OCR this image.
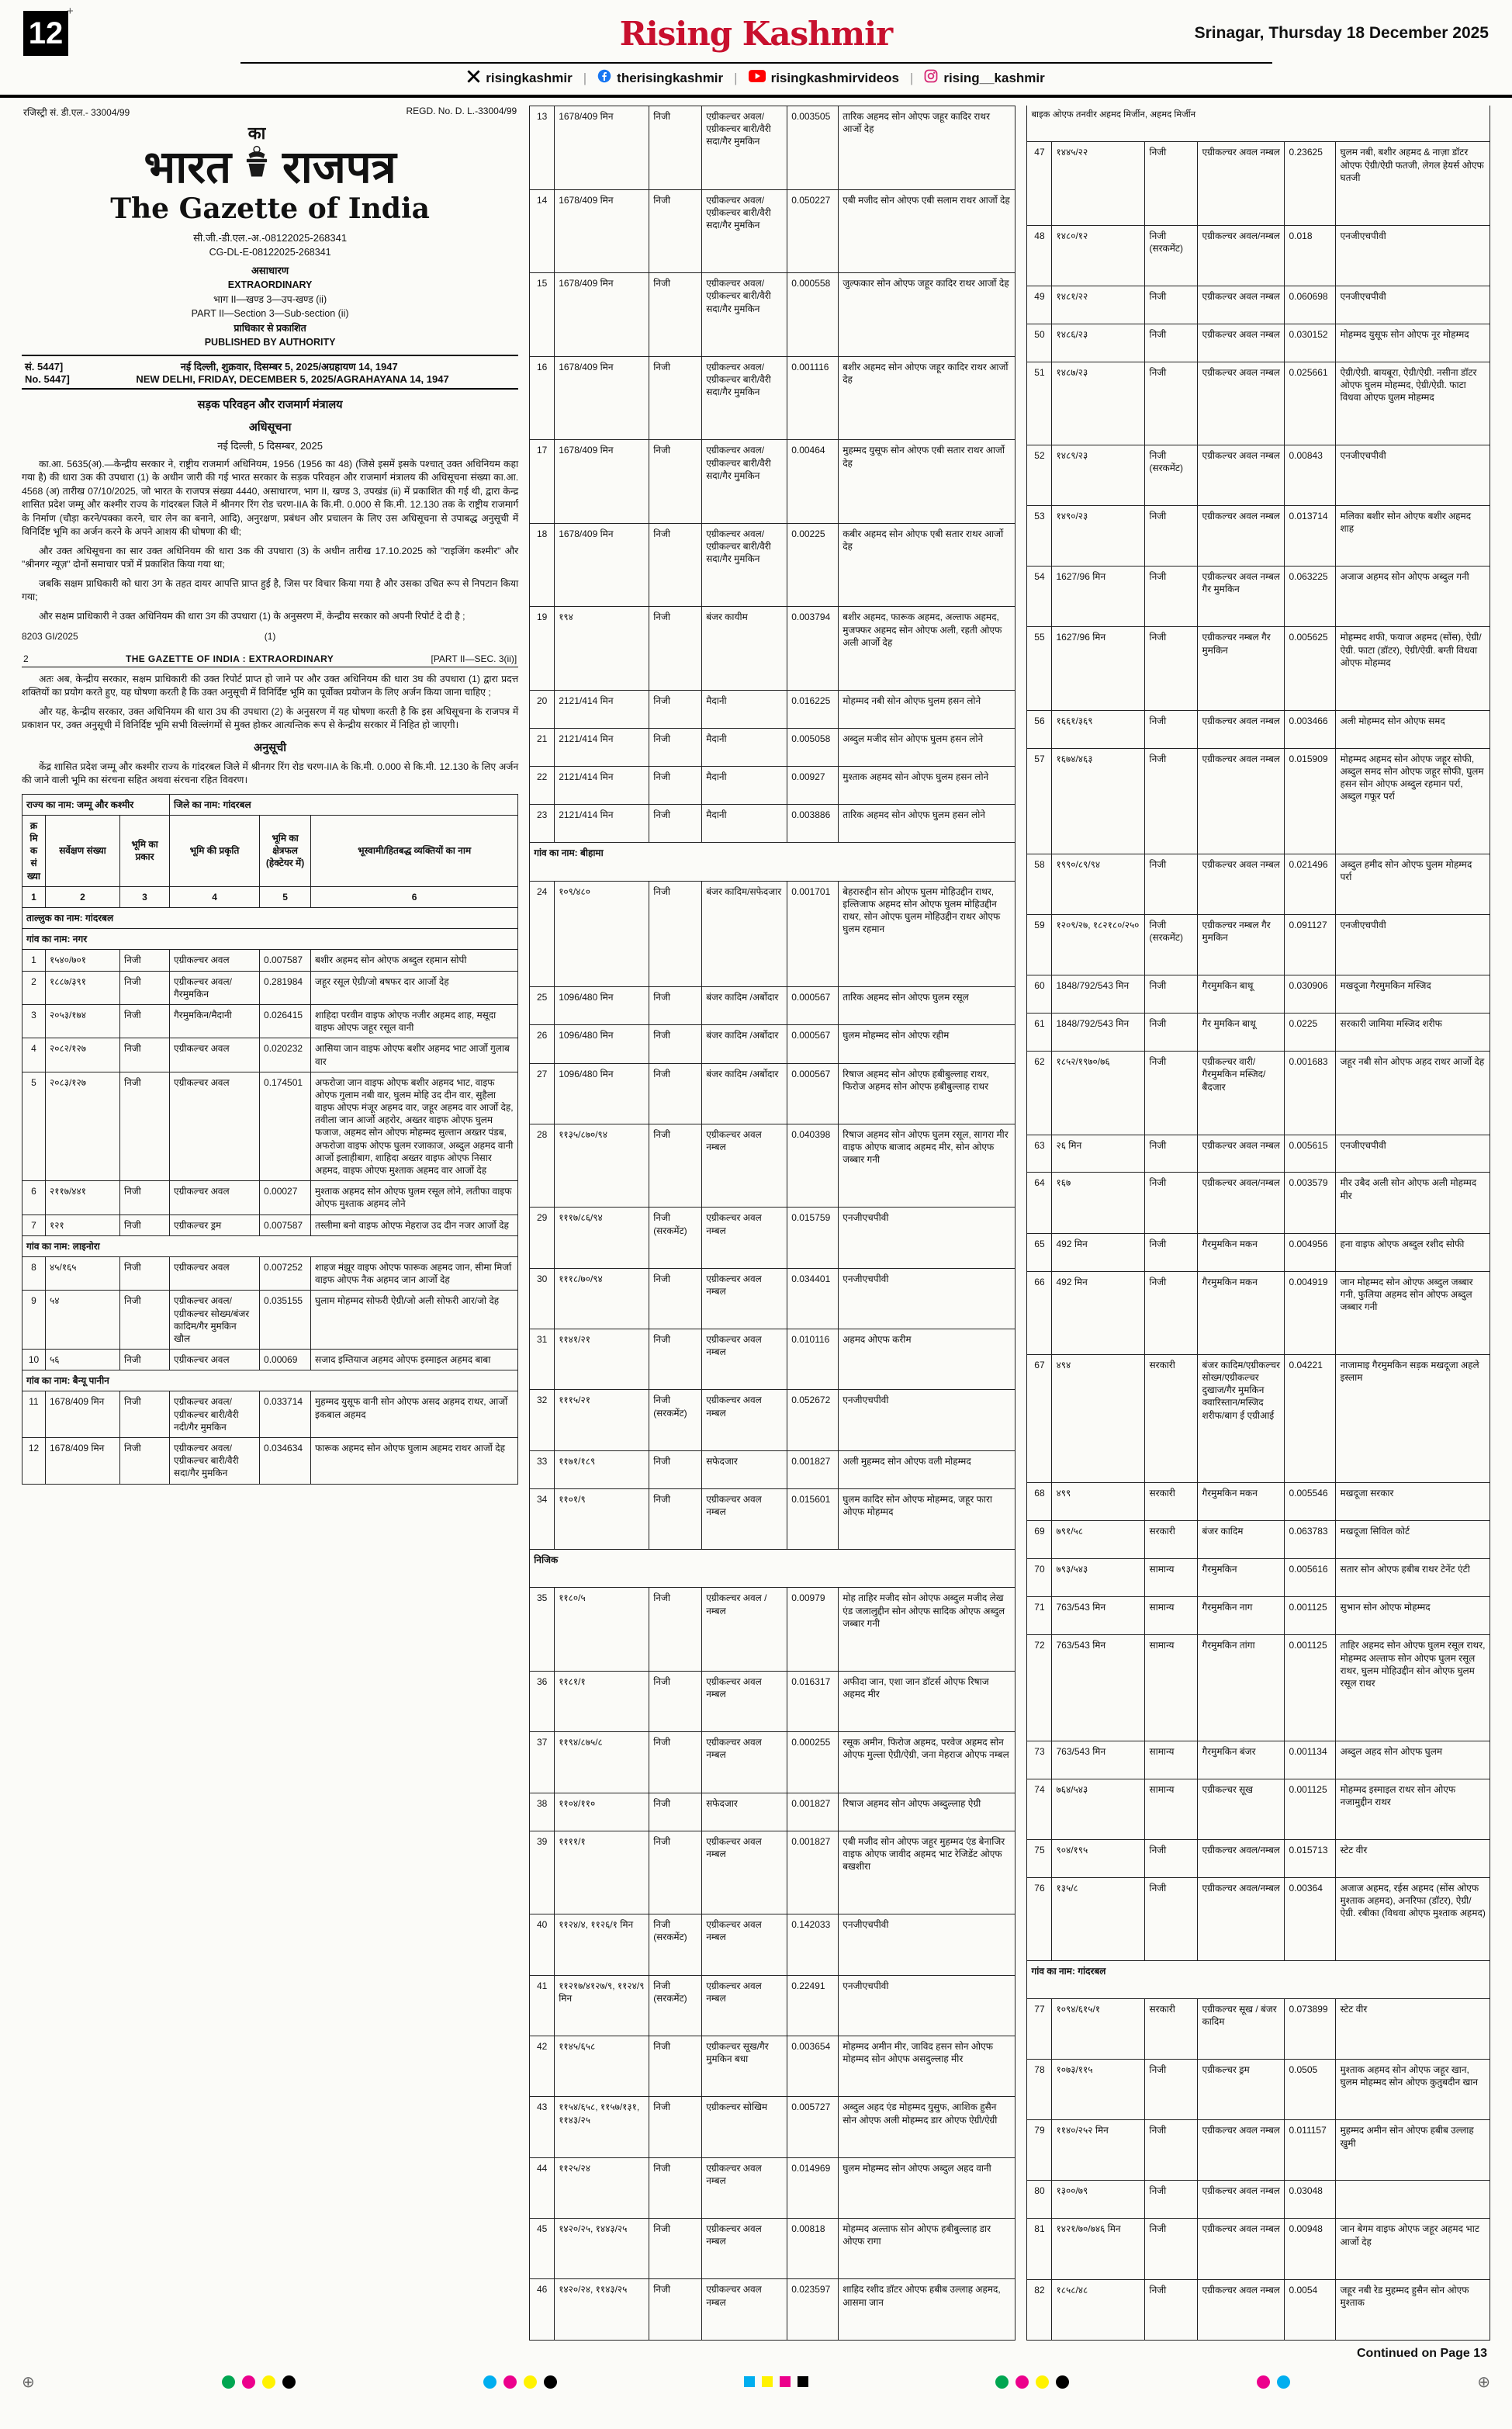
+
12	Rising Kashmir	Srinagar, Thursday 18 December 2025
risingkashmir | therisingkashmir |	risingkashmirvideos | rising__kashmir
रजिस्ट्री सं. डी.एल.- 33004/99	REGD. No. D. L.-33004/99
भारत
का
राजपत्र
The Gazette of India
सी.जी.-डी.एल.-अ.-08122025-268341
CG-DL-E-08122025-268341
असाधारण
EXTRAORDINARY
भाग II—खण्ड 3—उप-खण्ड (ii)
PART II—Section 3—Sub-section (ii)
प्राधिकार से प्रकाशित
PUBLISHED BY AUTHORITY
सं. 5447]	नई दिल्ली, शुक्रवार, दिसम्बर 5, 2025/अग्रहायण 14, 1947
No. 5447]	NEW DELHI, FRIDAY, DECEMBER 5, 2025/AGRAHAYANA 14, 1947
सड़क परिवहन और राजमार्ग मंत्रालय
अधिसूचना
नई दिल्ली, 5 दिसम्बर, 2025

का.आ. 5635(अ).—केन्द्रीय सरकार ने, राष्ट्रीय राजमार्ग अधिनियम, 1956 (1956 का 48) (जिसे इसमें इसके पश्चात् उक्त अधिनियम कहा गया है) की धारा 3क की उपधारा (1) के अधीन जारी की गई भारत सरकार के सड़क परिवहन और राजमार्ग मंत्रालय की अधिसूचना संख्या का.आ. 4568 (अ) तारीख 07/10/2025, जो भारत के राजपत्र संख्या 4440, असाधारण, भाग II, खण्ड 3, उपखंड (ii) में प्रकाशित की गई थी, द्वारा केन्द्र शासित प्रदेश जम्मू और कश्मीर राज्य के गांदरबल जिले में श्रीनगर रिंग रोड चरण-IIA के कि.मी. 0.000 से कि.मी. 12.130 तक के राष्ट्रीय राजमार्ग के निर्माण (चौड़ा करने/पक्का करने, चार लेन का बनाने, आदि), अनुरक्षण, प्रबंधन और प्रचालन के लिए उस अधिसूचना से उपाबद्ध अनुसूची में विनिर्दिष्ट भूमि का अर्जन करने के अपने आशय की घोषणा की थी;

और उक्त अधिसूचना का सार उक्त अधिनियम की धारा 3क की उपधारा (3) के अधीन तारीख 17.10.2025 को "राइजिंग कश्मीर" और "श्रीनगर न्यूज़" दोनों समाचार पत्रों में प्रकाशित किया गया था;

जबकि सक्षम प्राधिकारी को धारा 3ग के तहत दायर आपत्ति प्राप्त हुई है, जिस पर विचार किया गया है और उसका उचित रूप से निपटान किया गया;

और सक्षम प्राधिकारी ने उक्त अधिनियम की धारा 3ग की उपधारा (1) के अनुसरण में, केन्द्रीय सरकार को अपनी रिपोर्ट दे दी है ;

8203 GI/2025	(1)
2	THE GAZETTE OF INDIA : EXTRAORDINARY	[PART II—SEC. 3(ii)]

अतः अब, केन्द्रीय सरकार, सक्षम प्राधिकारी की उक्त रिपोर्ट प्राप्त हो जाने पर और उक्त अधिनियम की धारा 3घ की उपधारा (1) द्वारा प्रदत्त शक्तियों का प्रयोग करते हुए, यह घोषणा करती है कि उक्त अनुसूची में विनिर्दिष्ट भूमि का पूर्वोक्त प्रयोजन के लिए अर्जन किया जाना चाहिए ;

और यह, केन्द्रीय सरकार, उक्त अधिनियम की धारा 3घ की उपधारा (2) के अनुसरण में यह घोषणा करती है कि इस अधिसूचना के राजपत्र में प्रकाशन पर, उक्त अनुसूची में विनिर्दिष्ट भूमि सभी विल्लंगमों से मुक्त होकर आत्यन्तिक रूप से केन्द्रीय सरकार में निहित हो जाएगी।

अनुसूची

केंद्र शासित प्रदेश जम्मू और कश्मीर राज्य के गांदरबल जिले में श्रीनगर रिंग रोड चरण-IIA के कि.मी. 0.000 से कि.मी. 12.130 के लिए अर्जन की जाने वाली भूमि का संरचना सहित अथवा संरचना रहित विवरण।

राज्य का नाम: जम्मू और कश्मीर			जिले का नाम: गांदरबल		
क्रमिक संख्या	सर्वेक्षण संख्या	भूमि का प्रकार	भूमि की प्रकृति	भूमि का क्षेत्रफल (हेक्टेयर में)	भूस्वामी/हितबद्ध व्यक्तियों का नाम
1	2	3	4	5	6
ताल्लुक का नाम: गांदरबल					
गांव का नाम: नगर					
1	१५४०/७०१	निजी	एग्रीकल्चर अवल	0.007587	बशीर अहमद सोन ओएफ अब्दुल रहमान सोपी
2	१८८७/३९१	निजी	एग्रीकल्चर अवल/गैरमुमकिन	0.281984	जहूर रसूल ऐग्री/जो बषफर दार आर्जो देह
3	२०५३/१७४	निजी	गैरमुमकिन/मैदानी	0.026415	शाहिदा परवीन वाइफ ओएफ नजीर अहमद शाह, मसूदा वाइफ ओएफ जहूर रसूल वानी
4	२०८२/१२७	निजी	एग्रीकल्चर अवल	0.020232	आसिया जान वाइफ ओएफ बशीर अहमद भाट आर्जो गुलाब वार
5	२०८३/१२७	निजी	एग्रीकल्चर अवल	0.174501	अफरोजा जान वाइफ ओएफ बशीर अहमद भाट, वाइफ ओएफ गुलाम नबी वार, घुलम मोहि उद दीन वार, सुहैला वाइफ ओएफ मंजूर अहमद वार, जहूर अहमद वार आर्जो देह, तवीला जान आर्जो अहरोर, अख्तर वाइफ ओएफ घुलम फजाज, अहमद सोन ओएफ मोहम्मद सुल्तान अख्तर पंडब, अफरोजा वाइफ ओएफ घुलम रजाकाज, अब्दुल अहमद वानी आर्जो इलाहीबाग, शाहिदा अख्तर वाइफ ओएफ निसार अहमद, वाइफ ओएफ मुश्ताक अहमद वार आर्जो देह
6	२११७/४४१	निजी	एग्रीकल्चर अवल	0.00027	मुश्ताक अहमद सोन ओएफ घुलम रसूल लोने, लतीफा वाइफ ओएफ मुश्ताक अहमद लोने
7	१२१	निजी	एग्रीकल्चर ड्रम	0.007587	तस्लीमा बनो वाइफ ओएफ मेहराज उद दीन नजर आर्जो देह
गांव का नाम: लाइनोरा					
8	४५/१६५	निजी	एग्रीकल्चर अवल	0.007252	शाहज मंझूर वाइफ ओएफ फारूक अहमद जान, सीमा मिर्जा वाइफ ओएफ नैक अहमद जान आर्जो देह
9	५४	निजी	एग्रीकल्चर अवल/एग्रीकल्चर सोख्म/बंजर कादिम/गैर मुमकिन खौल	0.035155	घुलाम मोहम्मद सोफरी ऐग्री/जो अली सोफरी आर/जो देह
10	५६	निजी	एग्रीकल्चर अवल	0.00069	सजाद इम्तियाज अहमद ओएफ इस्माइल अहमद बाबा
गांव का नाम: बैन्यू पानीन					
11	1678/409 मिन	निजी	एग्रीकल्चर अवल/एग्रीकल्चर बारी/वैरी नदी/गैर मुमकिन	0.033714	मुहम्मद युसूफ वानी सोन ओएफ असद अहमद राथर, आर्जो इकबाल अहमद
12	1678/409 मिन	निजी	एग्रीकल्चर अवल/एग्रीकल्चर बारी/वैरी सदा/गैर मुमकिन	0.034634	फारूक अहमद सोन ओएफ घुलाम अहमद राथर आर्जो देह
13	1678/409 मिन	निजी	एग्रीकल्चर अवल/एग्रीकल्चर बारी/वैरी सदा/गैर मुमकिन	0.003505	तारिक अहमद सोन ओएफ जहूर कादिर राथर आर्जो देह
14	1678/409 मिन	निजी	एग्रीकल्चर अवल/एग्रीकल्चर बारी/वैरी सदा/गैर मुमकिन	0.050227	एबी मजीद सोन ओएफ एबी सलाम राथर आर्जो देह
15	1678/409 मिन	निजी	एग्रीकल्चर अवल/एग्रीकल्चर बारी/वैरी सदा/गैर मुमकिन	0.000558	जुल्फकार सोन ओएफ जहूर कादिर राथर आर्जो देह
16	1678/409 मिन	निजी	एग्रीकल्चर अवल/एग्रीकल्चर बारी/वैरी सदा/गैर मुमकिन	0.001116	बशीर अहमद सोन ओएफ जहूर कादिर राथर आर्जो देह
17	1678/409 मिन	निजी	एग्रीकल्चर अवल/एग्रीकल्चर बारी/वैरी सदा/गैर मुमकिन	0.00464	मुहम्मद युसूफ सोन ओएफ एबी सतार राथर आर्जो देह
18	1678/409 मिन	निजी	एग्रीकल्चर अवल/एग्रीकल्चर बारी/वैरी सदा/गैर मुमकिन	0.00225	कबीर अहमद सोन ओएफ एबी सतार राथर आर्जो देह
19	१९४	निजी	बंजर कायीम	0.003794	बशीर अहमद, फारूक अहमद, अल्ताफ अहमद, मुजफ्फर अहमद सोन ओएफ अली, रहती ओएफ अली आर्जो देह
20	2121/414 मिन	निजी	मैदानी	0.016225	मोहम्मद नबी सोन ओएफ घुलम हसन लोने
21	2121/414 मिन	निजी	मैदानी	0.005058	अब्दुल मजीद सोन ओएफ घुलम हसन लोने
22	2121/414 मिन	निजी	मैदानी	0.00927	मुश्ताक अहमद सोन ओएफ घुलम हसन लोने
23	2121/414 मिन	निजी	मैदानी	0.003886	तारिक अहमद सोन ओएफ घुलम हसन लोने
गांव का नाम: बीहामा					
24	१०९/४८०	निजी	बंजर कादिम/सफेदजार	0.001701	बेहरारुद्दीन सोन ओएफ घुलम मोहिउद्दीन राथर, इल्तिजाफ अहमद सोन ओएफ घुलम मोहिउद्दीन राथर, सोन ओएफ घुलम मोहिउद्दीन राथर ओएफ घुलम रहमान
25	1096/480 मिन	निजी	बंजर कादिम /अर्बोदार	0.000567	तारिक अहमद सोन ओएफ घुलम रसूल
26	1096/480 मिन	निजी	बंजर कादिम /अर्बोदार	0.000567	घुलम मोहम्मद सोन ओएफ रहीम
27	1096/480 मिन	निजी	बंजर कादिम /अर्बोदार	0.000567	रिषाज अहमद सोन ओएफ हबीबुल्लाह राथर, फिरोज अहमद सोन ओएफ हबीबुल्लाह राथर
28	११३५/८७०/९४	निजी	एग्रीकल्चर अवल नम्बल	0.040398	रिषाज अहमद सोन ओएफ घुलम रसूल, सागरा मीर वाइफ ओएफ बाजाद अहमद मीर, सोन ओएफ जब्बार गनी
29	१११७/८६/९४	निजी (सरकमेंट)	एग्रीकल्चर अवल नम्बल	0.015759	एनजीएचपीवी
30	१११८/७०/९४	निजी	एग्रीकल्चर अवल नम्बल	0.034401	एनजीएचपीवी
31	११४१/२१	निजी	एग्रीकल्चर अवल नम्बल	0.010116	अहमद ओएफ करीम
32	१११५/२१	निजी (सरकमेंट)	एग्रीकल्चर अवल नम्बल	0.052672	एनजीएचपीवी
33	११७१/१८९	निजी	सफेदजार	0.001827	अली मुहम्मद सोन ओएफ वली मोहम्मद
34	११०१/९	निजी	एग्रीकल्चर अवल नम्बल	0.015601	घुलम कादिर सोन ओएफ मोहम्मद, जहूर फारा ओएफ मोहम्मद
निजिक					
35	११८०/५	निजी	एग्रीकल्चर अवल / नम्बल	0.00979	मोह ताहिर मजीद सोन ओएफ अब्दुल मजीद लेख एंड जलालुद्दीन सोन ओएफ सादिक ओएफ अब्दुल जब्बार गनी
36	११८१/१	निजी	एग्रीकल्चर अवल नम्बल	0.016317	अफीदा जान, एशा जान डॉटर्स ओएफ रिषाज अहमद मीर
37	११९४/८७५/८	निजी	एग्रीकल्चर अवल नम्बल	0.000255	रसूक अमीन, फिरोज अहमद, परवेज अहमद सोन ओएफ मुल्ला ऐग्री/ऐग्री, जना मेहराज ओएफ नम्बल
38	११०४/११०	निजी	सफेदजार	0.001827	रिषाज अहमद सोन ओएफ अब्दुल्लाह ऐग्री
39	११११/१	निजी	एग्रीकल्चर अवल नम्बल	0.001827	एबी मजीद सोन ओएफ जहूर मुहम्मद एंड बेनाजिर वाइफ ओएफ जावीद अहमद भाट रेजिडेंट ओएफ बखशीरा
40	११२४/४, ११२६/१ मिन	निजी (सरकमेंट)	एग्रीकल्चर अवल नम्बल	0.142033	एनजीएचपीवी
41	११२१७/४१२७/९, ११२४/९ मिन	निजी (सरकमेंट)	एग्रीकल्चर अवल नम्बल	0.22491	एनजीएचपीवी
42	११४५/६५८	निजी	एग्रीकल्चर सूख/गैर मुमकिन बधा	0.003654	मोहम्मद अमीन मीर, जाविद हसन सोन ओएफ मोहम्मद सोन ओएफ असदुल्लाह मीर
43	११५४/६५८, ११५७/१३१, ११४३/२५	निजी	एग्रीकल्चर सोखिम	0.005727	अब्दुल अहद एंड मोहम्मद युसुफ, आशिक हुसैन सोन ओएफ अली मोहम्मद डार ओएफ ऐग्री/ऐग्री
44	११२५/२४	निजी	एग्रीकल्चर अवल नम्बल	0.014969	घुलम मोहम्मद सोन ओएफ अब्दुल अहद वानी
45	१४२०/२५, १४४३/२५	निजी	एग्रीकल्चर अवल नम्बल	0.00818	मोहम्मद अल्ताफ सोन ओएफ हबीबुल्लाह डार ओएफ रागा
46	१४२०/२४, ११४३/२५	निजी	एग्रीकल्चर अवल नम्बल	0.023597	शाहिद रशीद डॉटर ओएफ हबीब उल्लाह अहमद, आसमा जान
बाइक ओएफ तनवीर अहमद मिर्जीन, अहमद मिर्जीन					
47	१४४५/२२	निजी	एग्रीकल्चर अवल नम्बल	0.23625	घुलम नबी, बशीर अहमद & नाज़ा डॉटर ओएफ ऐग्री/ऐग्री फतजी, लेगल हेयर्स ओएफ घतजी
48	१४८०/१२	निजी (सरकमेंट)	एग्रीकल्चर अवल/नम्बल	0.018	एनजीएचपीवी
49	१४८१/२२	निजी	एग्रीकल्चर अवल नम्बल	0.060698	एनजीएचपीवी
50	१४८६/२३	निजी	एग्रीकल्चर अवल नम्बल	0.030152	मोहम्मद युसूफ सोन ओएफ नूर मोहम्मद
51	१४८७/२३	निजी	एग्रीकल्चर अवल नम्बल	0.025661	ऐग्री/ऐग्री. बायबूरा, ऐग्री/ऐग्री. नसीना डॉटर ओएफ घुलम मोहम्मद, ऐग्री/ऐग्री. फाटा विधवा ओएफ घुलम मोहम्मद
52	१४८९/२३	निजी (सरकमेंट)	एग्रीकल्चर अवल नम्बल	0.00843	एनजीएचपीवी
53	१४९०/२३	निजी	एग्रीकल्चर अवल नम्बल	0.013714	मलिका बशीर सोन ओएफ बशीर अहमद शाह
54	1627/96 मिन	निजी	एग्रीकल्चर अवल नम्बल गैर मुमकिन	0.063225	अजाज अहमद सोन ओएफ अब्दुल गनी
55	1627/96 मिन	निजी	एग्रीकल्चर नम्बल गैर मुमकिन	0.005625	मोहम्मद शफी, फयाज अहमद (सोंस), ऐग्री/ऐग्री. फाटा (डॉटर), ऐग्री/ऐग्री. बग्ती विधवा ओएफ मोहम्मद
56	१६६१/३६९	निजी	एग्रीकल्चर अवल नम्बल	0.003466	अली मोहम्मद सोन ओएफ समद
57	१६७४/४६३	निजी	एग्रीकल्चर अवल नम्बल	0.015909	मोहम्मद अहमद सोन ओएफ जहूर सोफी, अब्दुल समद सोन ओएफ जहूर सोफी, घुलम हसन सोन ओएफ अब्दुल रहमान पर्रा, अब्दुल गफूर पर्रा
58	१९९०/८९/९४	निजी	एग्रीकल्चर अवल नम्बल	0.021496	अब्दुल हमीद सोन ओएफ घुलम मोहम्मद पर्रा
59	१२०९/२७, १८२१८०/२५०	निजी (सरकमेंट)	एग्रीकल्चर नम्बल गैर मुमकिन	0.091127	एनजीएचपीवी
60	1848/792/543 मिन	निजी	गैरमुमकिन बाथू	0.030906	मखदूजा गैरमुमकिन मस्जिद
61	1848/792/543 मिन	निजी	गैर मुमकिन बाथू	0.0225	सरकारी जामिया मस्जिद शरीफ
62	१८५२/१९७०/७६	निजी	एग्रीकल्चर वारी/गैरमुमकिन मस्जिद/बैदजार	0.001683	जहूर नबी सोन ओएफ अहद राथर आर्जो देह
63	२६ मिन	निजी	एग्रीकल्चर अवल नम्बल	0.005615	एनजीएचपीवी
64	१६७	निजी	एग्रीकल्चर अवल/नम्बल	0.003579	मीर उबैद अली सोन ओएफ अली मोहम्मद मीर
65	492 मिन	निजी	गैरमुमकिन मकन	0.004956	हना वाइफ ओएफ अब्दुल रशीद सोफी
66	492 मिन	निजी	गैरमुमकिन मकन	0.004919	जान मोहम्मद सोन ओएफ अब्दुल जब्बार गनी, फुलिया अहमद सोन ओएफ अब्दुल जब्बार गनी
67	४९४	सरकारी	बंजर कादिम/एग्रीकल्चर सोख्म/एग्रीकल्चर दुखाज/गैर मुमकिन क्वारिस्तान/मस्जिद शरीफ/बाग ई एग्रीआई	0.04221	नाजामाइ गैरमुमकिन सड़क मखदूजा अहले इस्लाम
68	४९९	सरकारी	गैरमुमकिन मकन	0.005546	मखदूजा सरकार
69	७९१/५८	सरकारी	बंजर कादिम	0.063783	मखदूजा सिविल कोर्ट
70	७९३/५४३	सामान्य	गैरमुमकिन	0.005616	सतार सोन ओएफ हबीब राथर टेनेंट एंटी
71	763/543 मिन	सामान्य	गैरमुमकिन नाग	0.001125	सुभान सोन ओएफ मोहम्मद
72	763/543 मिन	सामान्य	गैरमुमकिन तांगा	0.001125	ताहिर अहमद सोन ओएफ घुलम रसूल राथर, मोहम्मद अल्ताफ सोन ओएफ घुलम रसूल राथर, घुलम मोहिउद्दीन सोन ओएफ घुलम रसूल राथर
73	763/543 मिन	सामान्य	गैरमुमकिन बंजर	0.001134	अब्दुल अहद सोन ओएफ घुलम
74	७६४/५४३	सामान्य	एग्रीकल्चर सूख	0.001125	मोहम्मद इस्माइल राथर सोन ओएफ नजामुद्दीन राथर
75	९०४/१९५	निजी	एग्रीकल्चर अवल/नम्बल	0.015713	स्टेट वीर
76	१३५/८	निजी	एग्रीकल्चर अवल/नम्बल	0.00364	अजाज अहमद, रईस अहमद (सोंस ओएफ मुश्ताक अहमद), अनरिफा (डॉटर), ऐग्री/ऐग्री. रबीका (विधवा ओएफ मुश्ताक अहमद)
गांव का नाम: गांदरबल					
77	१०९४/६१५/१	सरकारी	एग्रीकल्चर सूख / बंजर कादिम	0.073899	स्टेट वीर
78	१०७३/११५	निजी	एग्रीकल्चर ड्रम	0.0505	मुश्ताक अहमद सोन ओएफ जहूर खान, घुलम मोहम्मद सोन ओएफ कुतुबदीन खान
79	११४०/२५२ मिन	निजी	एग्रीकल्चर अवल नम्बल	0.011157	मुहम्मद अमीन सोन ओएफ हबीब उल्लाह खुमी
80	१३००/७९	निजी	एग्रीकल्चर अवल नम्बल	0.03048	
81	१४२१/७०/७४६ मिन	निजी	एग्रीकल्चर अवल नम्बल	0.00948	जान बेगम वाइफ ओएफ जहूर अहमद भाट आर्जो देह
82	१८५८/४८	निजी	एग्रीकल्चर अवल नम्बल	0.0054	जहूर नबी रेड मुहम्मद हुसैन सोन ओएफ मुश्ताक
Continued on Page 13
⊕	⊕
